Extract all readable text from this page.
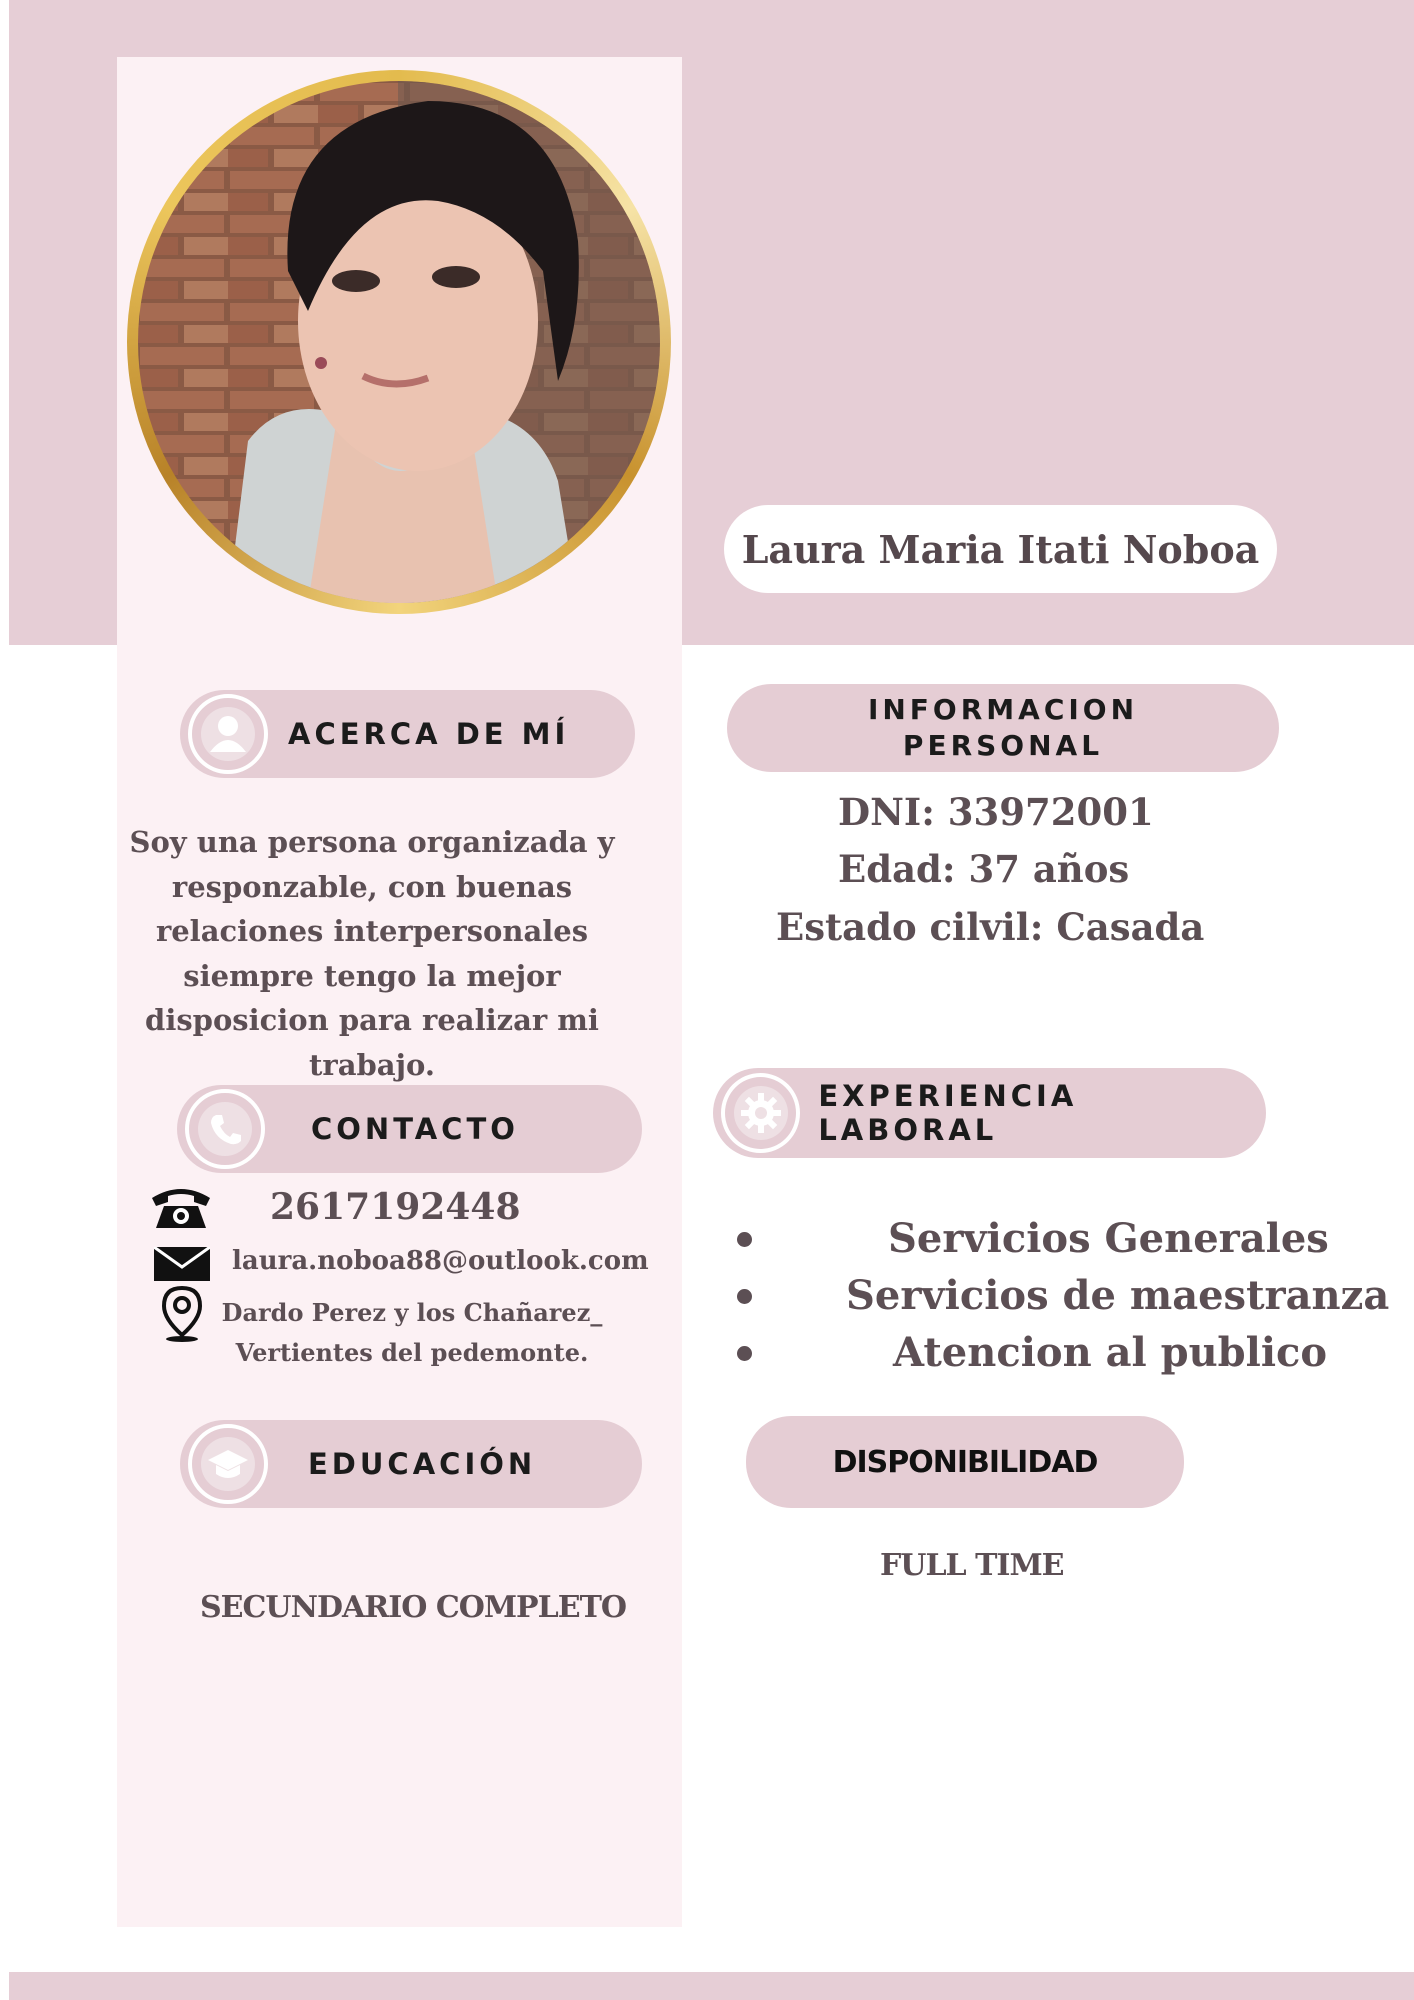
Laura Maria Itati Noboa
ACERCA DE MÍ
Soy una persona organizada y responzable, con buenas relaciones interpersonales siempre tengo la mejor disposicion para realizar mi trabajo.
CONTACTO
2617192448
laura.noboa88@outlook.com
Dardo Perez y los Chañarez_
Vertientes del pedemonte.
EDUCACIÓN
SECUNDARIO COMPLETO
INFORMACION
PERSONAL
DNI: 33972001
Edad: 37 años
Estado cilvil: Casada
EXPERIENCIA LABORAL
Servicios Generales
Servicios de maestranza
Atencion al publico
DISPONIBILIDAD
FULL TIME
